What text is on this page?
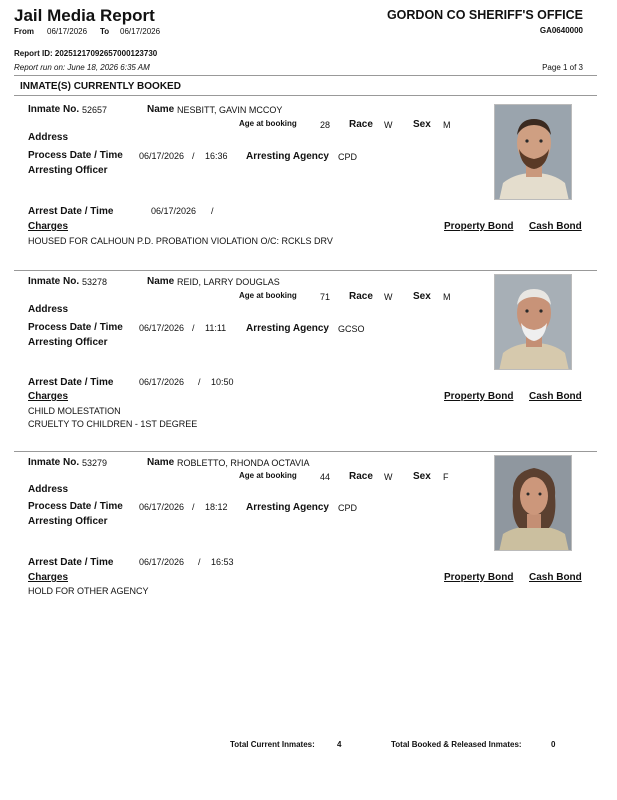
Jail Media Report
From 06/17/2026 To 06/17/2026
GORDON CO SHERIFF'S OFFICE
GA0640000
Report ID: 20251217092657000123730
Report run on: June 18, 2026 6:35 AM	Page 1 of 3
INMATE(S) CURRENTLY BOOKED
Inmate No. 52657	Name NESBITT, GAVIN MCCOY
Age at booking	28 Race W Sex M
Address
Process Date / Time 06/17/2026 / 16:36 Arresting Agency CPD
Arresting Officer
Arrest Date / Time	06/17/2026 /
Charges	Property Bond Cash Bond
HOUSED FOR CALHOUN P.D. PROBATION VIOLATION O/C: RCKLS DRV
Inmate No. 53278	Name REID, LARRY DOUGLAS
Age at booking	71 Race W Sex M
Address
Process Date / Time 06/17/2026 / 11:11 Arresting Agency GCSO
Arresting Officer
Arrest Date / Time	06/17/2026 / 10:50
Charges	Property Bond Cash Bond
CHILD MOLESTATION
CRUELTY TO CHILDREN - 1ST DEGREE
Inmate No. 53279	Name ROBLETTO, RHONDA OCTAVIA
Age at booking	44 Race W Sex F
Address
Process Date / Time 06/17/2026 / 18:12 Arresting Agency CPD
Arresting Officer
Arrest Date / Time	06/17/2026 / 16:53
Charges	Property Bond Cash Bond
HOLD FOR OTHER AGENCY
Total Current Inmates:	4	Total Booked & Released Inmates:	0
